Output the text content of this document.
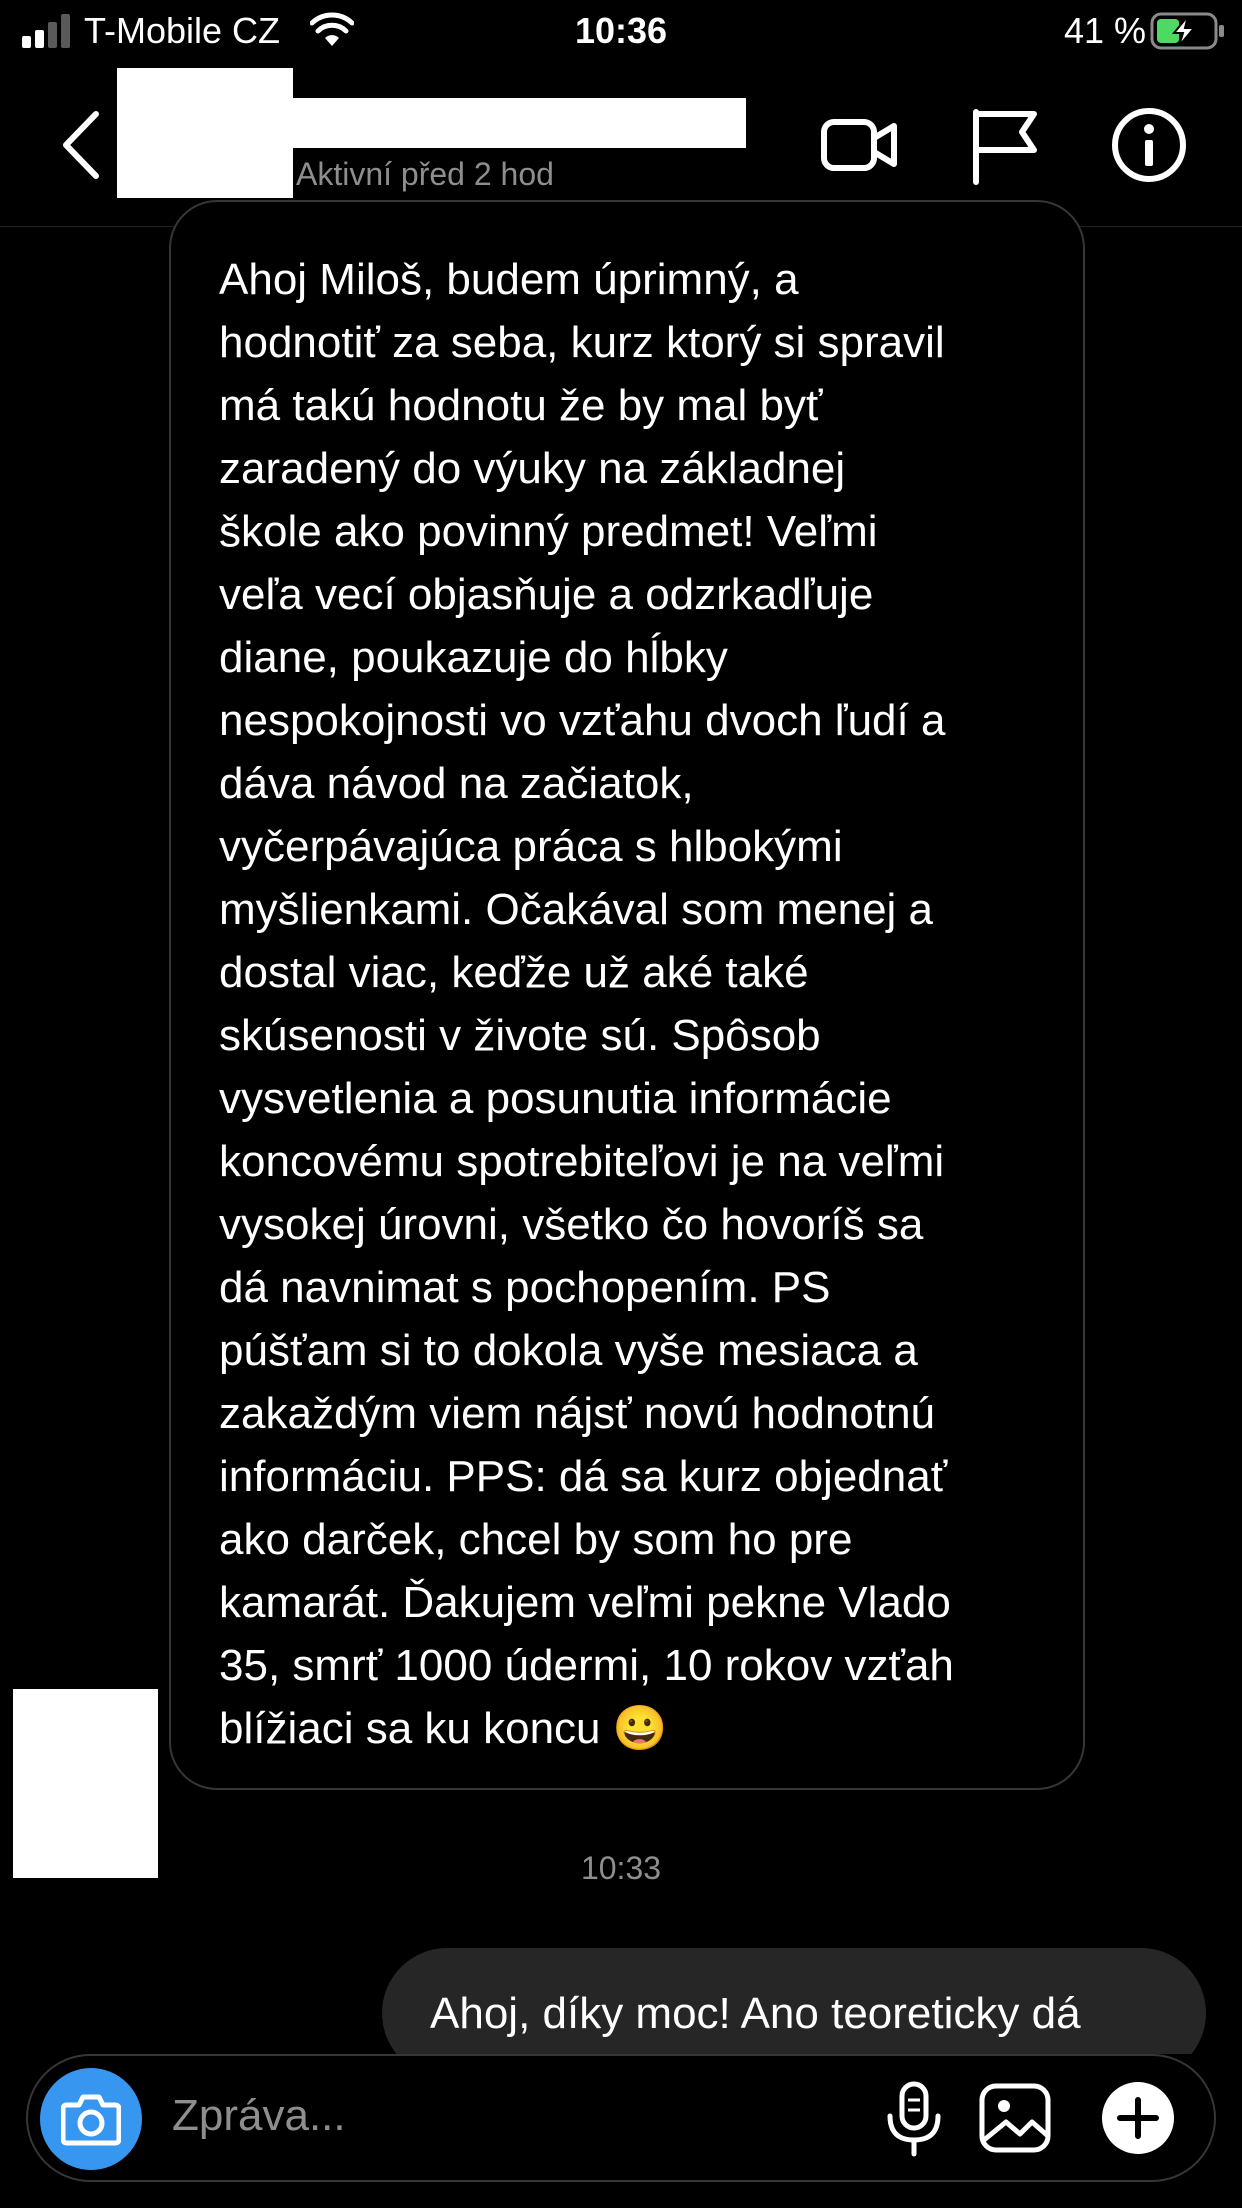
T-Mobile CZ	10:36	41 %
Aktivní před 2 hod
Ahoj Miloš, budem úprimný, a
hodnotiť za seba, kurz ktorý si spravil
má takú hodnotu že by mal byť
zaradený do výuky na základnej
škole ako povinný predmet! Veľmi
veľa vecí objasňuje a odzrkadľuje
diane, poukazuje do hĺbky
nespokojnosti vo vzťahu dvoch ľudí a
dáva návod na začiatok,
vyčerpávajúca práca s hlbokými
myšlienkami. Očakával som menej a
dostal viac, keďže už aké také
skúsenosti v živote sú. Spôsob
vysvetlenia a posunutia informácie
koncovému spotrebiteľovi je na veľmi
vysokej úrovni, všetko čo hovoríš sa
dá navnimat s pochopením. PS
púšťam si to dokola vyše mesiaca a
zakaždým viem nájsť novú hodnotnú
informáciu. PPS: dá sa kurz objednať
ako darček, chcel by som ho pre
kamarát. Ďakujem veľmi pekne Vlado
35, smrť 1000 údermi, 10 rokov vzťah
blížiaci sa ku koncu 😀
10:33
Ahoj, díky moc! Ano teoreticky dá
Zpráva...
